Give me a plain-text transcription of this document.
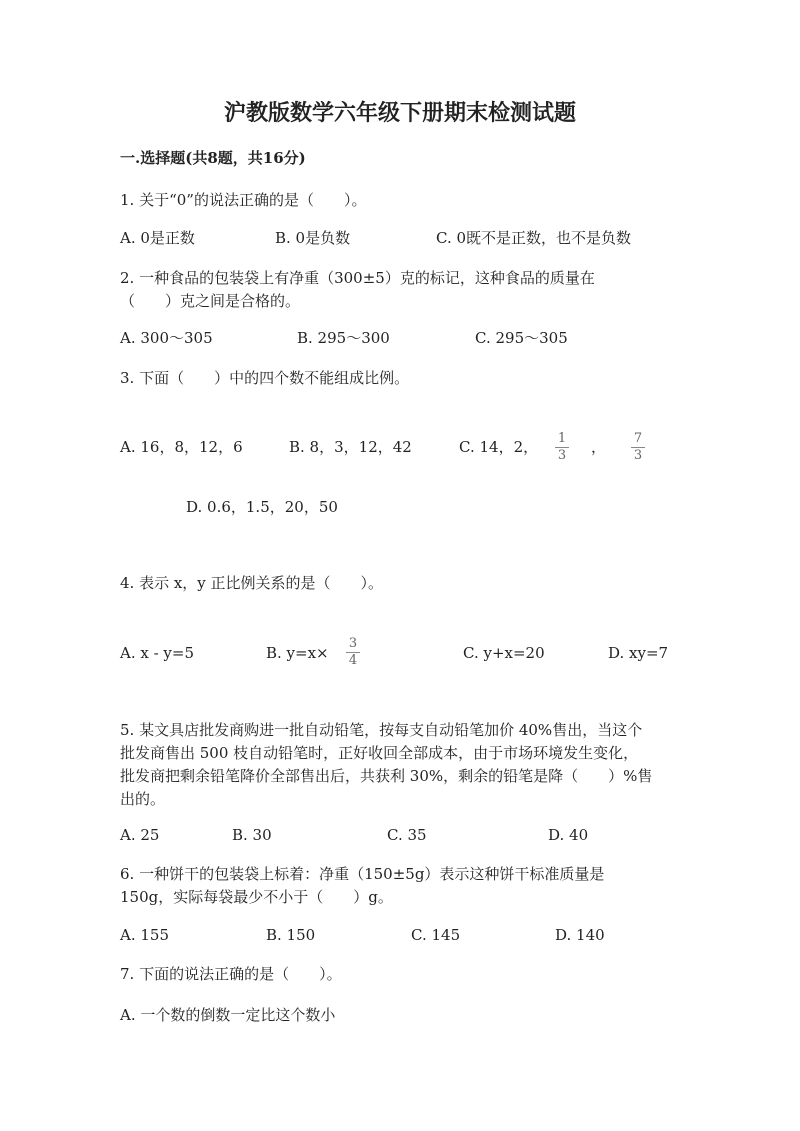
沪教版数学六年级下册期末检测试题
一.选择题(共8题，共16分)
1. 关于“0”的说法正确的是（　　）。
A. 0是正数	B. 0是负数	C. 0既不是正数，也不是负数
2. 一种食品的包装袋上有净重（300±5）克的标记，这种食品的质量在
（　　）克之间是合格的。
A. 300～305	B. 295～300	C. 295～305
3. 下面（　　）中的四个数不能组成比例。
A. 16，8，12，6	B. 8，3，12，42	C. 14，2，	1
3	，	7
3
D. 0.6，1.5，20，50
4. 表示 x，y 正比例关系的是（　　）。
A. x - y=5	B. y=x×
3
4	C. y+x=20	D. xy=7
5. 某文具店批发商购进一批自动铅笔，按每支自动铅笔加价 40%售出，当这个
批发商售出 500 枝自动铅笔时，正好收回全部成本，由于市场环境发生变化，
批发商把剩余铅笔降价全部售出后，共获利 30%，剩余的铅笔是降（　　）%售
出的。
A. 25	B. 30	C. 35	D. 40
6. 一种饼干的包装袋上标着：净重（150±5g）表示这种饼干标准质量是
150g，实际每袋最少不小于（　　）g。
A. 155	B. 150	C. 145	D. 140
7. 下面的说法正确的是（　　）。
A. 一个数的倒数一定比这个数小
